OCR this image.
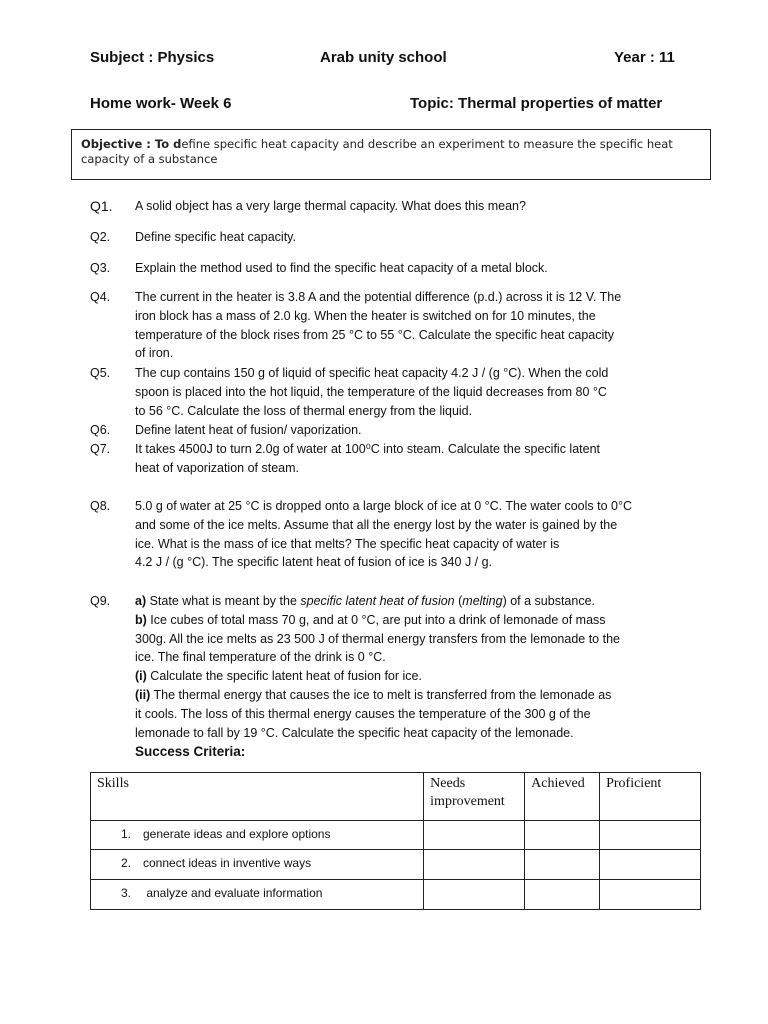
Subject : Physics	Arab unity school	Year : 11
Home work- Week 6	Topic: Thermal properties of matter
Objective : To define specific heat capacity and describe an experiment to measure the specific heat capacity of a substance
Q1. A solid object has a very large thermal capacity. What does this mean?
Q2. Define specific heat capacity.
Q3. Explain the method used to find the specific heat capacity of a metal block.
Q4. The current in the heater is 3.8 A and the potential difference (p.d.) across it is 12 V. The
iron block has a mass of 2.0 kg. When the heater is switched on for 10 minutes, the
temperature of the block rises from 25 °C to 55 °C. Calculate the specific heat capacity
of iron.
Q5. The cup contains 150 g of liquid of specific heat capacity 4.2 J / (g °C). When the cold
spoon is placed into the hot liquid, the temperature of the liquid decreases from 80 °C
to 56 °C. Calculate the loss of thermal energy from the liquid.
Q6. Define latent heat of fusion/ vaporization.
Q7. It takes 4500J to turn 2.0g of water at 100⁰C into steam. Calculate the specific latent
heat of vaporization of steam.
Q8. 5.0 g of water at 25 °C is dropped onto a large block of ice at 0 °C. The water cools to 0°C
and some of the ice melts. Assume that all the energy lost by the water is gained by the
ice. What is the mass of ice that melts? The specific heat capacity of water is
4.2 J / (g °C). The specific latent heat of fusion of ice is 340 J / g.
Q9. a) State what is meant by the specific latent heat of fusion (melting) of a substance.
b) Ice cubes of total mass 70 g, and at 0 °C, are put into a drink of lemonade of mass
300g. All the ice melts as 23 500 J of thermal energy transfers from the lemonade to the
ice. The final temperature of the drink is 0 °C.
(i) Calculate the specific latent heat of fusion for ice.
(ii) The thermal energy that causes the ice to melt is transferred from the lemonade as
it cools. The loss of this thermal energy causes the temperature of the 300 g of the
lemonade to fall by 19 °C. Calculate the specific heat capacity of the lemonade.
Success Criteria:
Skills	Needs improvement	Achieved	Proficient
1. generate ideas and explore options			
2. connect ideas in inventive ways			
3. analyze and evaluate information			
